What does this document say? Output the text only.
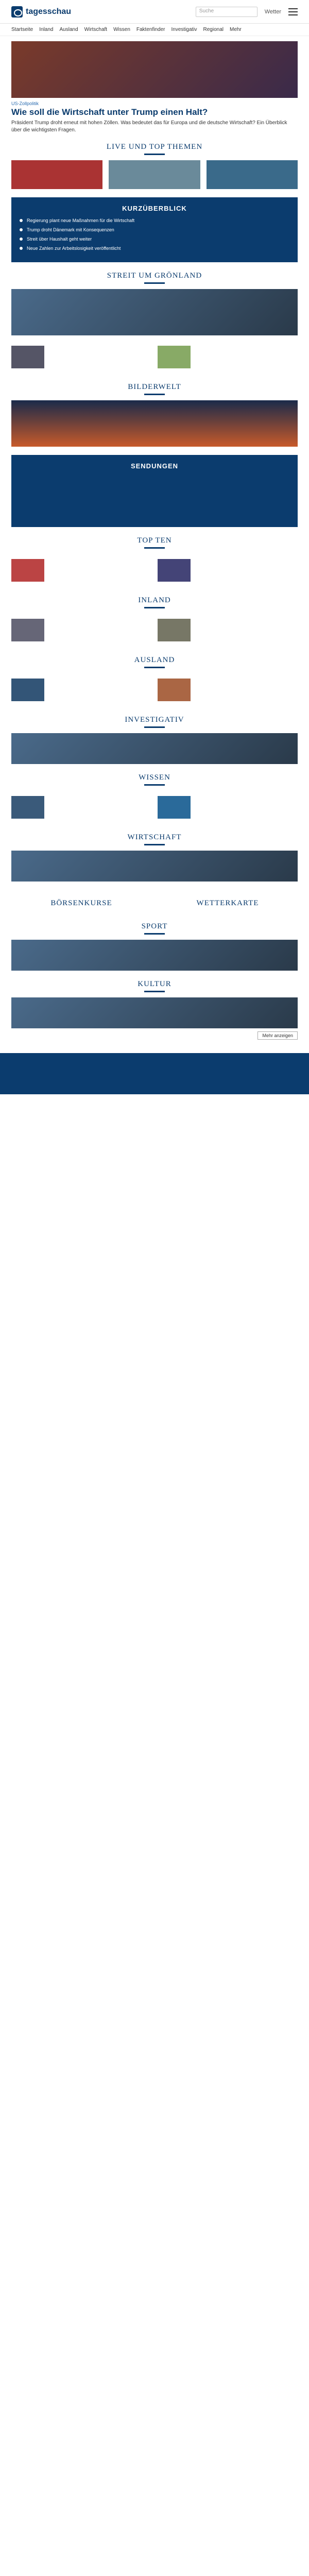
tagesschau	Suche	Wetter
Startseite Inland Ausland Wirtschaft Wissen Faktenfinder Investigativ Regional Mehr
US-Zollpolitik
Wie soll die Wirtschaft unter Trump einen Halt?
Präsident Trump droht erneut mit hohen Zöllen. Was bedeutet das für Europa und die deutsche Wirtschaft? Ein Überblick über die wichtigsten Fragen.
LIVE UND TOP THEMEN
KURZÜBERBLICK
Regierung plant neue Maßnahmen für die Wirtschaft
Trump droht Dänemark mit Konsequenzen
Streit über Haushalt geht weiter
Neue Zahlen zur Arbeitslosigkeit veröffentlicht
STREIT UM GRÖNLAND

BILDERWELT
SENDUNGEN
TOP TEN
INLAND
AUSLAND
INVESTIGATIV
WISSEN
WIRTSCHAFT
BÖRSENKURSE	WETTERKARTE
SPORT
KULTUR
Mehr anzeigen
